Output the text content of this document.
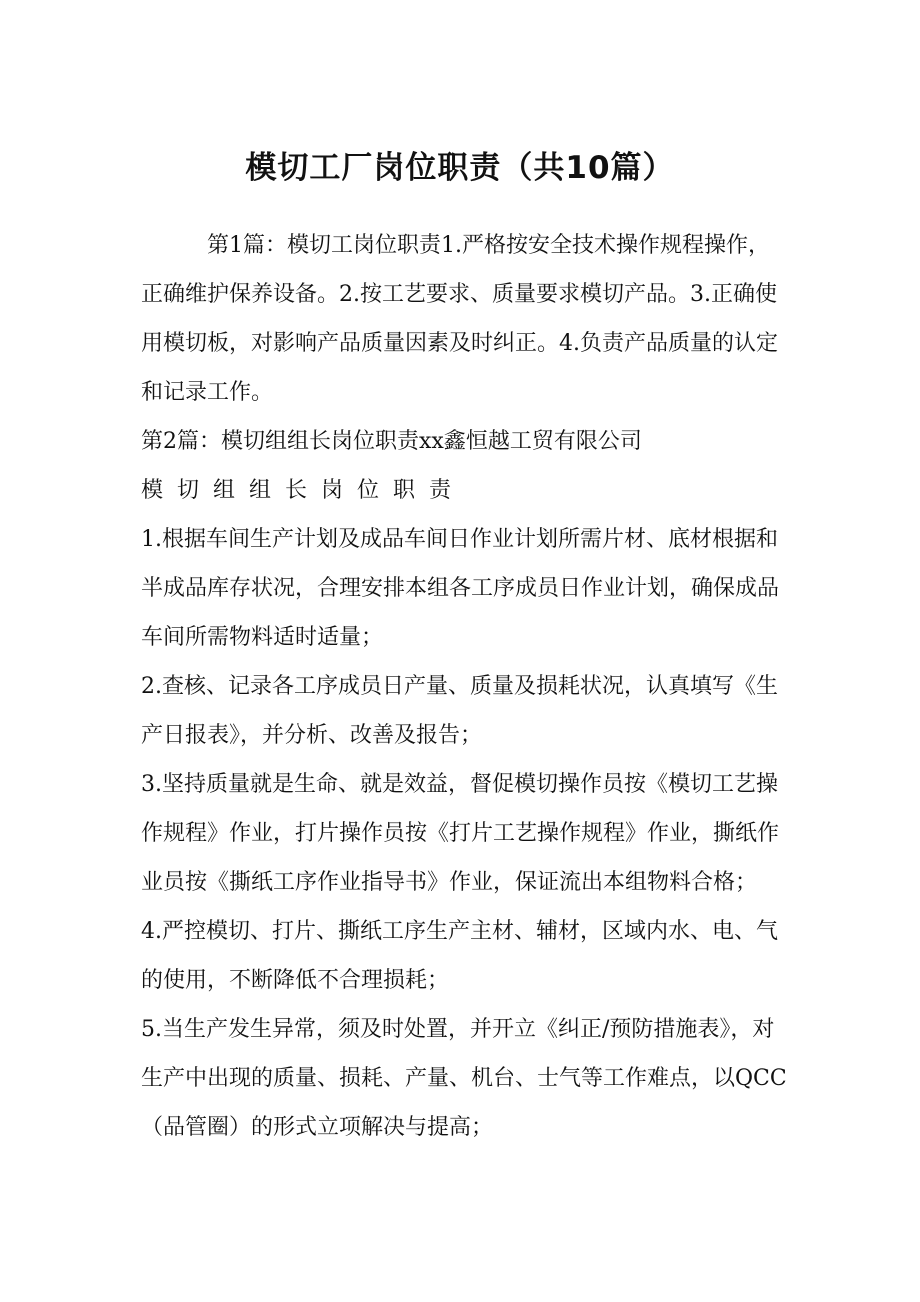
模切工厂岗位职责（共10篇）

第1篇：模切工岗位职责1.严格按安全技术操作规程操作，正确维护保养设备。2.按工艺要求、质量要求模切产品。3.正确使用模切板，对影响产品质量因素及时纠正。4.负责产品质量的认定和记录工作。

第2篇：模切组组长岗位职责xx鑫恒越工贸有限公司

模切组组长岗位职责

1.根据车间生产计划及成品车间日作业计划所需片材、底材根据和半成品库存状况，合理安排本组各工序成员日作业计划，确保成品车间所需物料适时适量；

2.查核、记录各工序成员日产量、质量及损耗状况，认真填写《生产日报表》，并分析、改善及报告；

3.坚持质量就是生命、就是效益，督促模切操作员按《模切工艺操作规程》作业，打片操作员按《打片工艺操作规程》作业，撕纸作业员按《撕纸工序作业指导书》作业，保证流出本组物料合格；

4.严控模切、打片、撕纸工序生产主材、辅材，区域内水、电、气的使用，不断降低不合理损耗；

5.当生产发生异常，须及时处置，并开立《纠正/预防措施表》，对生产中出现的质量、损耗、产量、机台、士气等工作难点，以QCC（品管圈）的形式立项解决与提高；
